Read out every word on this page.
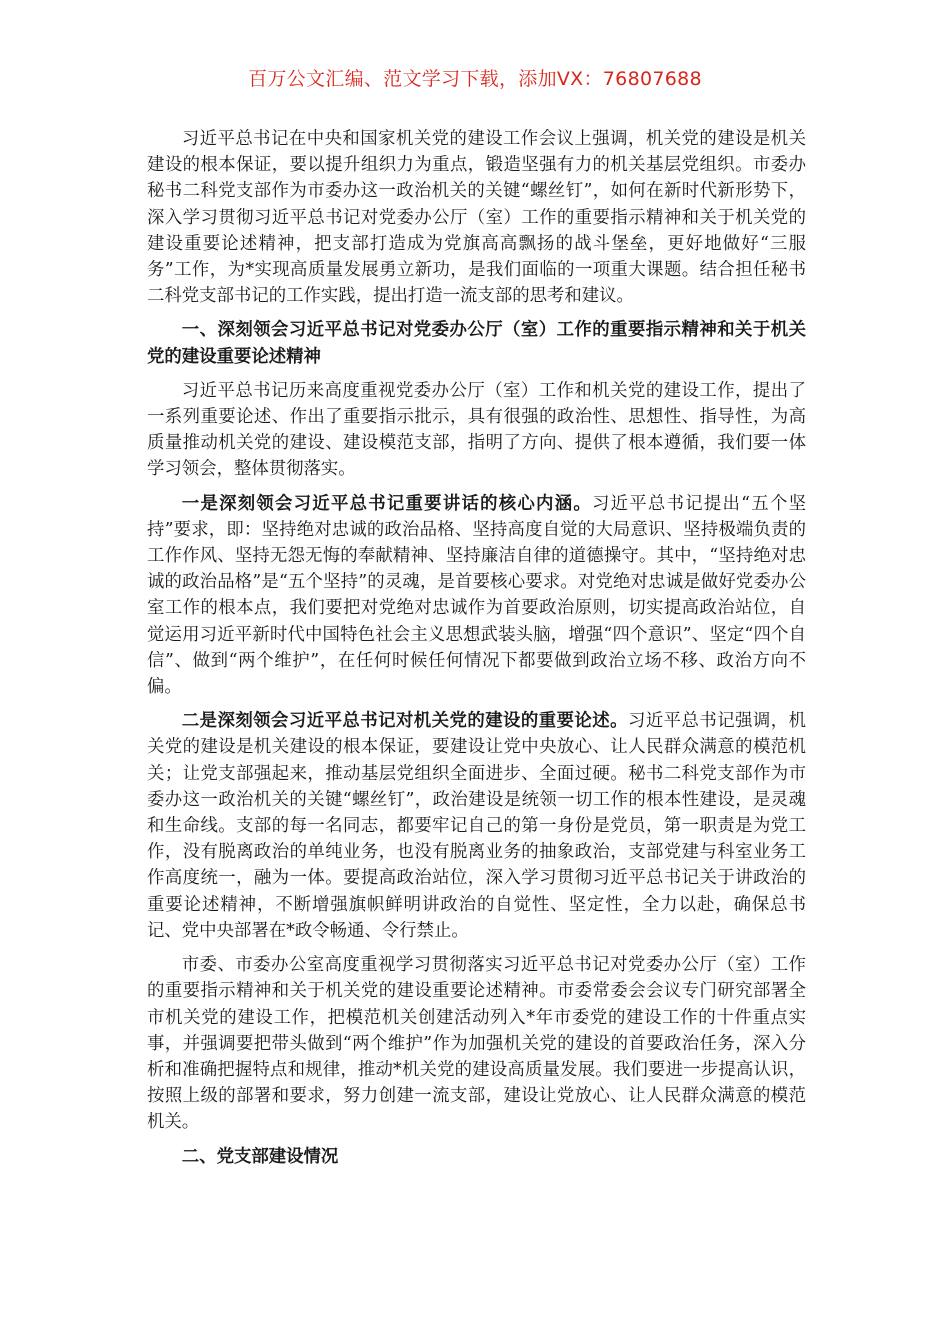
百万公文汇编、范文学习下载，添加VX：76807688

习近平总书记在中央和国家机关党的建设工作会议上强调，机关党的建设是机关建设的根本保证，要以提升组织力为重点，锻造坚强有力的机关基层党组织。市委办秘书二科党支部作为市委办这一政治机关的关键“螺丝钉”，如何在新时代新形势下，深入学习贯彻习近平总书记对党委办公厅（室）工作的重要指示精神和关于机关党的建设重要论述精神，把支部打造成为党旗高高飘扬的战斗堡垒，更好地做好“三服务”工作，为*实现高质量发展勇立新功，是我们面临的一项重大课题。结合担任秘书二科党支部书记的工作实践，提出打造一流支部的思考和建议。

一、深刻领会习近平总书记对党委办公厅（室）工作的重要指示精神和关于机关党的建设重要论述精神

习近平总书记历来高度重视党委办公厅（室）工作和机关党的建设工作，提出了一系列重要论述、作出了重要指示批示，具有很强的政治性、思想性、指导性，为高质量推动机关党的建设、建设模范支部，指明了方向、提供了根本遵循，我们要一体学习领会，整体贯彻落实。

一是深刻领会习近平总书记重要讲话的核心内涵。习近平总书记提出“五个坚持”要求，即：坚持绝对忠诚的政治品格、坚持高度自觉的大局意识、坚持极端负责的工作作风、坚持无怨无悔的奉献精神、坚持廉洁自律的道德操守。其中，“坚持绝对忠诚的政治品格”是“五个坚持”的灵魂，是首要核心要求。对党绝对忠诚是做好党委办公室工作的根本点，我们要把对党绝对忠诚作为首要政治原则，切实提高政治站位，自觉运用习近平新时代中国特色社会主义思想武装头脑，增强“四个意识”、坚定“四个自信”、做到“两个维护”，在任何时候任何情况下都要做到政治立场不移、政治方向不偏。

二是深刻领会习近平总书记对机关党的建设的重要论述。习近平总书记强调，机关党的建设是机关建设的根本保证，要建设让党中央放心、让人民群众满意的模范机关；让党支部强起来，推动基层党组织全面进步、全面过硬。秘书二科党支部作为市委办这一政治机关的关键“螺丝钉”，政治建设是统领一切工作的根本性建设，是灵魂和生命线。支部的每一名同志，都要牢记自己的第一身份是党员，第一职责是为党工作，没有脱离政治的单纯业务，也没有脱离业务的抽象政治，支部党建与科室业务工作高度统一，融为一体。要提高政治站位，深入学习贯彻习近平总书记关于讲政治的重要论述精神，不断增强旗帜鲜明讲政治的自觉性、坚定性，全力以赴，确保总书记、党中央部署在*政令畅通、令行禁止。

市委、市委办公室高度重视学习贯彻落实习近平总书记对党委办公厅（室）工作的重要指示精神和关于机关党的建设重要论述精神。市委常委会会议专门研究部署全市机关党的建设工作，把模范机关创建活动列入*年市委党的建设工作的十件重点实事，并强调要把带头做到“两个维护”作为加强机关党的建设的首要政治任务，深入分析和准确把握特点和规律，推动*机关党的建设高质量发展。我们要进一步提高认识，按照上级的部署和要求，努力创建一流支部，建设让党放心、让人民群众满意的模范机关。

二、党支部建设情况
